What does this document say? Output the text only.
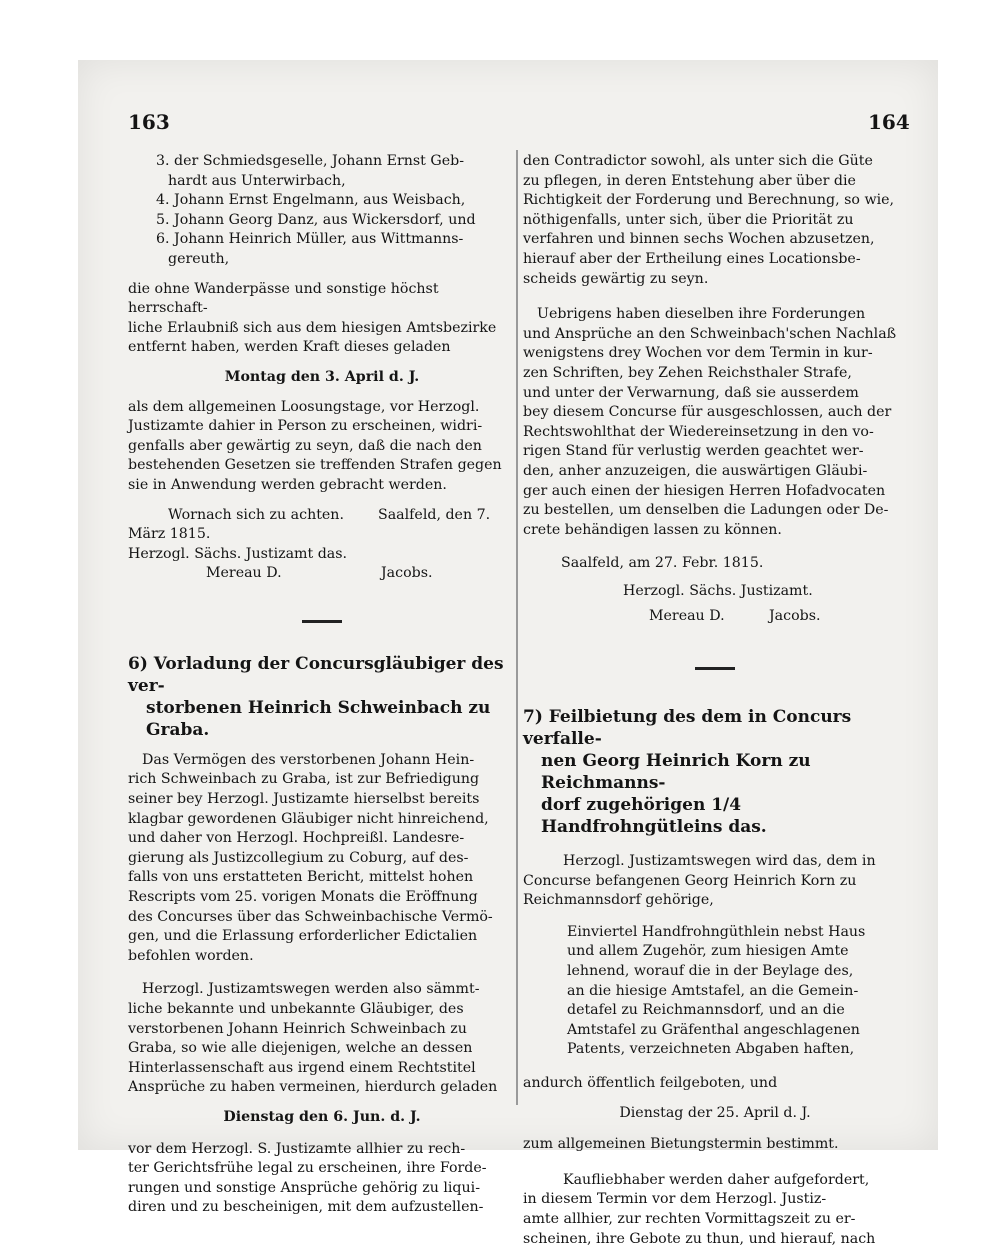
163	164

3. der Schmiedsgeselle, Johann Ernst Geb-

hardt aus Unterwirbach,

4. Johann Ernst Engelmann, aus Weisbach,

5. Johann Georg Danz, aus Wickersdorf, und

6. Johann Heinrich Müller, aus Wittmanns-

gereuth,

die ohne Wanderpässe und sonstige höchst herrschaft-

liche Erlaubniß sich aus dem hiesigen Amtsbezirke

entfernt haben, werden Kraft dieses geladen

Montag den 3. April d. J.

als dem allgemeinen Loosungstage, vor Herzogl.

Justizamte dahier in Person zu erscheinen, widri-

genfalls aber gewärtig zu seyn, daß die nach den

bestehenden Gesetzen sie treffenden Strafen gegen

sie in Anwendung werden gebracht werden.

Wornach sich zu achten.	Saalfeld, den 7.

März 1815.

Herzogl. Sächs. Justizamt das.

Mereau D.	Jacobs.

6) Vorladung der Concursgläubiger des ver-

storbenen Heinrich Schweinbach zu Graba.

Das Vermögen des verstorbenen Johann Hein-

rich Schweinbach zu Graba, ist zur Befriedigung

seiner bey Herzogl. Justizamte hierselbst bereits

klagbar gewordenen Gläubiger nicht hinreichend,

und daher von Herzogl. Hochpreißl. Landesre-

gierung als Justizcollegium zu Coburg, auf des-

falls von uns erstatteten Bericht, mittelst hohen

Rescripts vom 25. vorigen Monats die Eröffnung

des Concurses über das Schweinbachische Vermö-

gen, und die Erlassung erforderlicher Edictalien

befohlen worden.

Herzogl. Justizamtswegen werden also sämmt-

liche bekannte und unbekannte Gläubiger, des

verstorbenen Johann Heinrich Schweinbach zu

Graba, so wie alle diejenigen, welche an dessen

Hinterlassenschaft aus irgend einem Rechtstitel

Ansprüche zu haben vermeinen, hierdurch geladen

Dienstag den 6. Jun. d. J.

vor dem Herzogl. S. Justizamte allhier zu rech-

ter Gerichtsfrühe legal zu erscheinen, ihre Forde-

rungen und sonstige Ansprüche gehörig zu liqui-

diren und zu bescheinigen, mit dem aufzustellen-

den Contradictor sowohl, als unter sich die Güte

zu pflegen, in deren Entstehung aber über die

Richtigkeit der Forderung und Berechnung, so wie,

nöthigenfalls, unter sich, über die Priorität zu

verfahren und binnen sechs Wochen abzusetzen,

hierauf aber der Ertheilung eines Locationsbe-

scheids gewärtig zu seyn.

Uebrigens haben dieselben ihre Forderungen

und Ansprüche an den Schweinbach'schen Nachlaß

wenigstens drey Wochen vor dem Termin in kur-

zen Schriften, bey Zehen Reichsthaler Strafe,

und unter der Verwarnung, daß sie ausserdem

bey diesem Concurse für ausgeschlossen, auch der

Rechtswohlthat der Wiedereinsetzung in den vo-

rigen Stand für verlustig werden geachtet wer-

den, anher anzuzeigen, die auswärtigen Gläubi-

ger auch einen der hiesigen Herren Hofadvocaten

zu bestellen, um denselben die Ladungen oder De-

crete behändigen lassen zu können.

Saalfeld, am 27. Febr. 1815.

Herzogl. Sächs. Justizamt.

Mereau D.	Jacobs.

7) Feilbietung des dem in Concurs verfalle-

nen Georg Heinrich Korn zu Reichmanns-

dorf zugehörigen 1/4 Handfrohngütleins das.

Herzogl. Justizamtswegen wird das, dem in

Concurse befangenen Georg Heinrich Korn zu

Reichmannsdorf gehörige,

Einviertel Handfrohngüthlein nebst Haus

und allem Zugehör, zum hiesigen Amte

lehnend, worauf die in der Beylage des,

an die hiesige Amtstafel, an die Gemein-

detafel zu Reichmannsdorf, und an die

Amtstafel zu Gräfenthal angeschlagenen

Patents, verzeichneten Abgaben haften,

andurch öffentlich feilgeboten, und

Dienstag der 25. April d. J.

zum allgemeinen Bietungstermin bestimmt.

Kaufliebhaber werden daher aufgefordert,

in diesem Termin vor dem Herzogl. Justiz-

amte allhier, zur rechten Vormittagszeit zu er-

scheinen, ihre Gebote zu thun, und hierauf, nach
